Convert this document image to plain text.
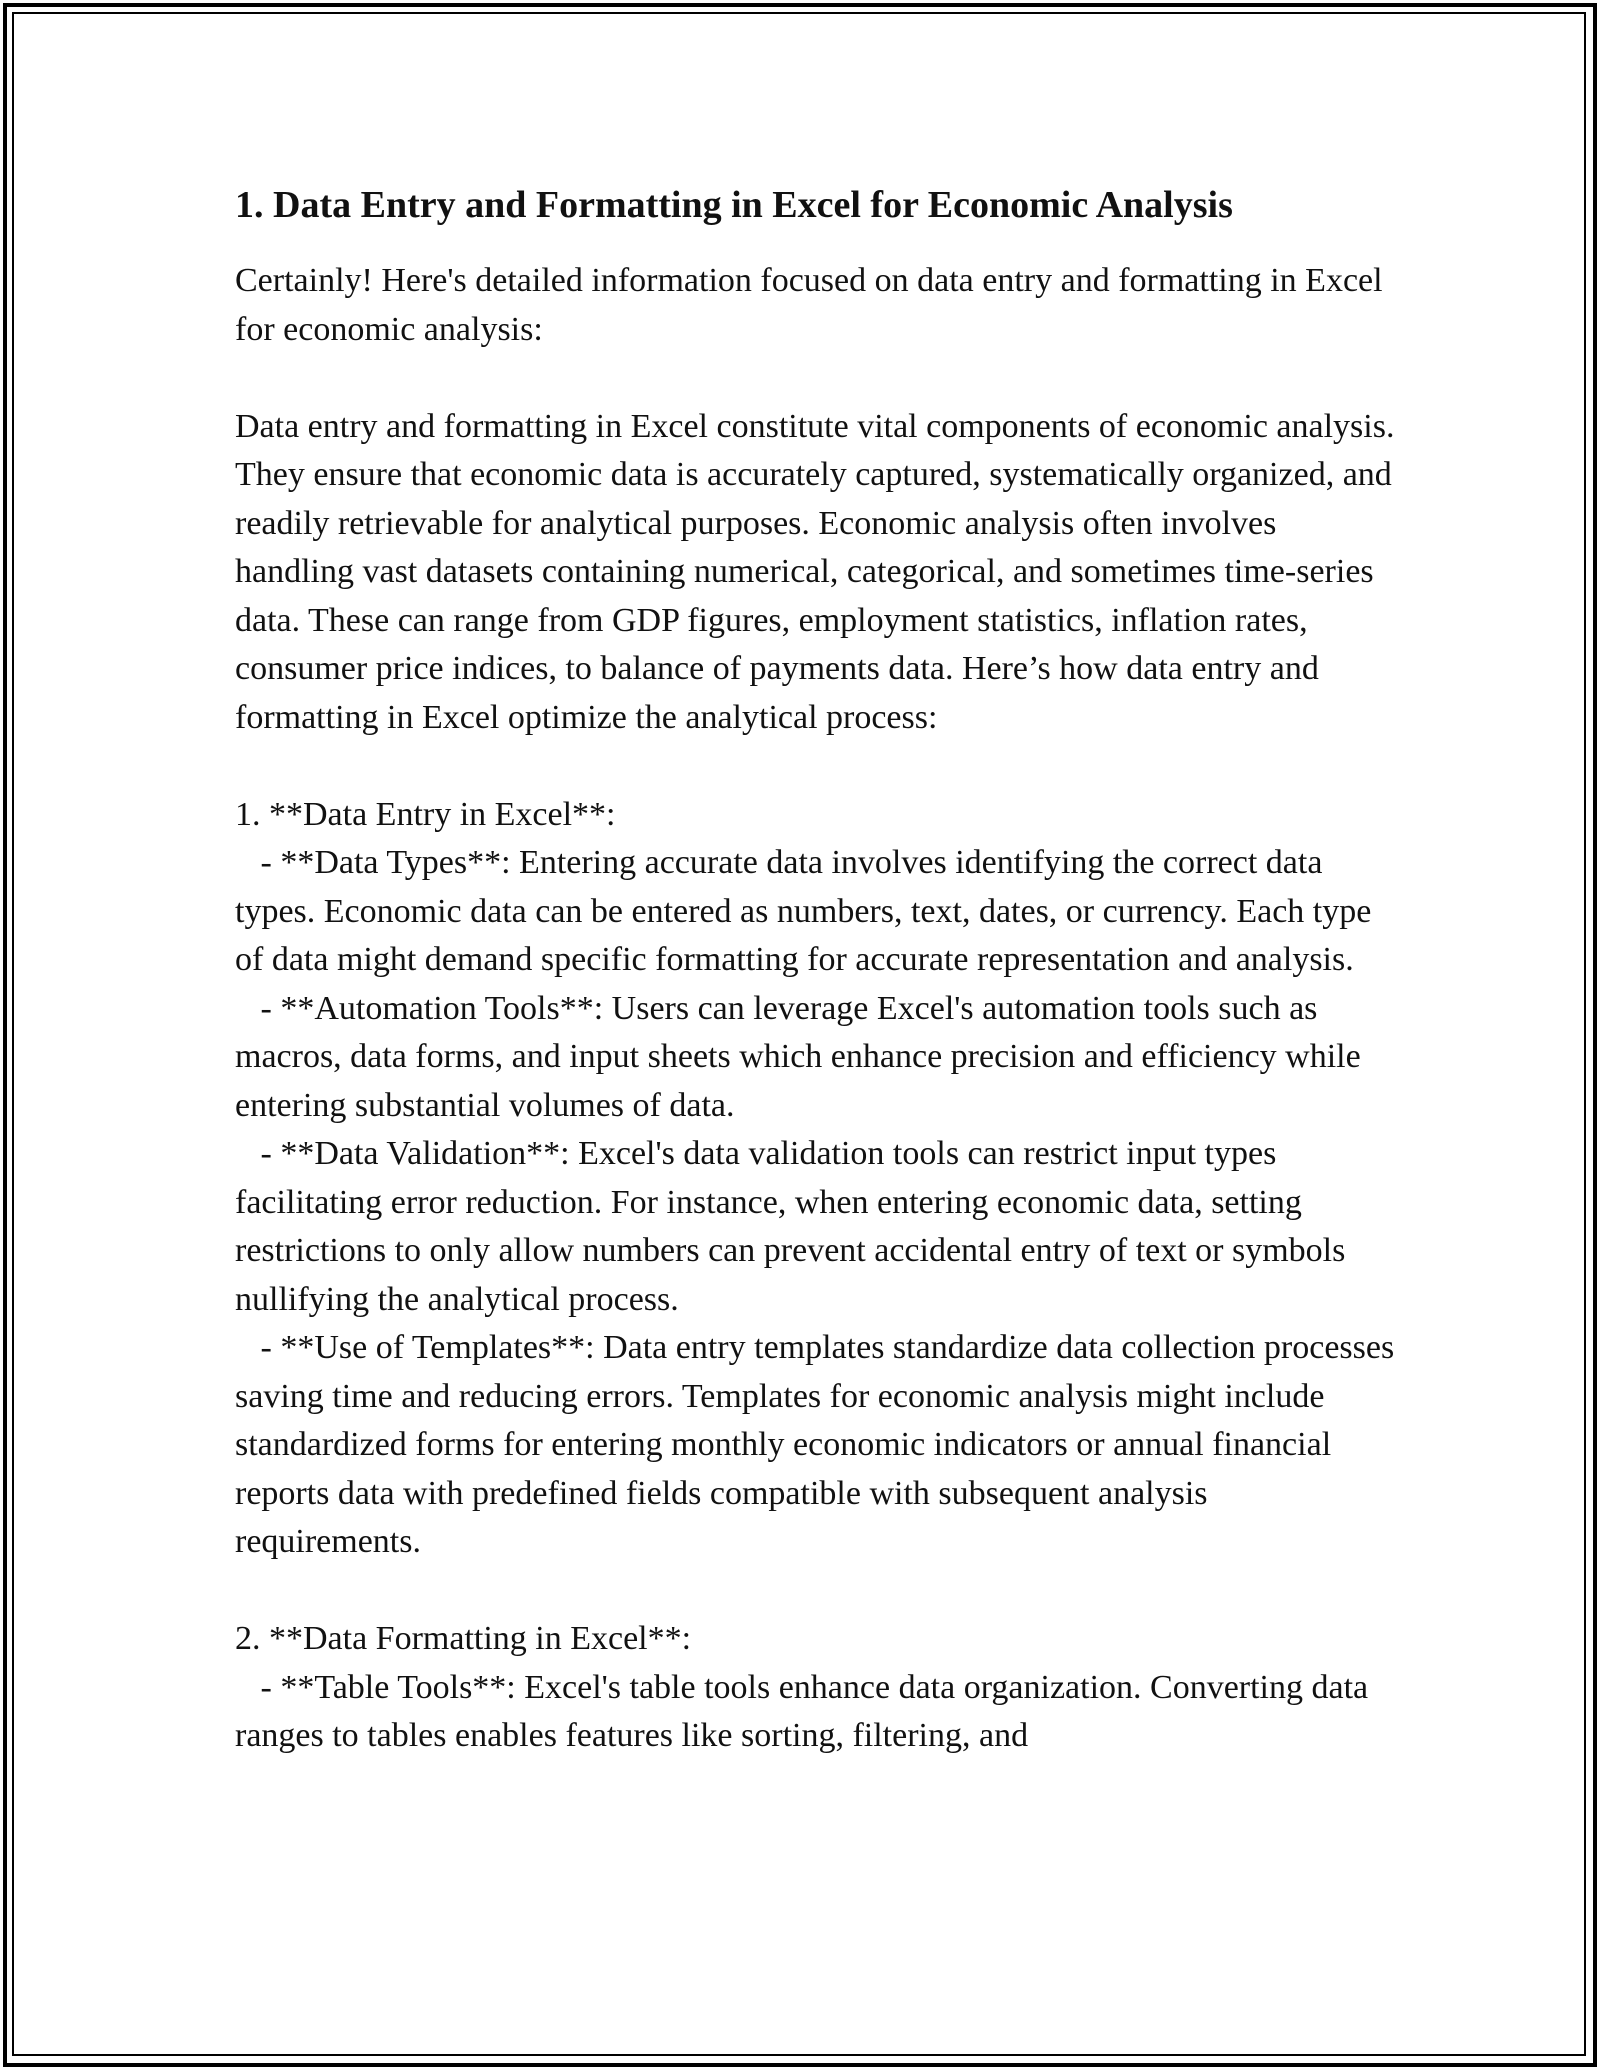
1. Data Entry and Formatting in Excel for Economic Analysis

Certainly! Here's detailed information focused on data entry and formatting in Excel for economic analysis:

Data entry and formatting in Excel constitute vital components of economic analysis. They ensure that economic data is accurately captured, systematically organized, and readily retrievable for analytical purposes. Economic analysis often involves handling vast datasets containing numerical, categorical, and sometimes time-series data. These can range from GDP figures, employment statistics, inflation rates, consumer price indices, to balance of payments data. Here’s how data entry and formatting in Excel optimize the analytical process:

1. **Data Entry in Excel**:

- **Data Types**: Entering accurate data involves identifying the correct data types. Economic data can be entered as numbers, text, dates, or currency. Each type of data might demand specific formatting for accurate representation and analysis.

- **Automation Tools**: Users can leverage Excel's automation tools such as macros, data forms, and input sheets which enhance precision and efficiency while entering substantial volumes of data.

- **Data Validation**: Excel's data validation tools can restrict input types facilitating error reduction. For instance, when entering economic data, setting restrictions to only allow numbers can prevent accidental entry of text or symbols nullifying the analytical process.

- **Use of Templates**: Data entry templates standardize data collection processes saving time and reducing errors. Templates for economic analysis might include standardized forms for entering monthly economic indicators or annual financial reports data with predefined fields compatible with subsequent analysis requirements.

2. **Data Formatting in Excel**:

- **Table Tools**: Excel's table tools enhance data organization. Converting data ranges to tables enables features like sorting, filtering, and
